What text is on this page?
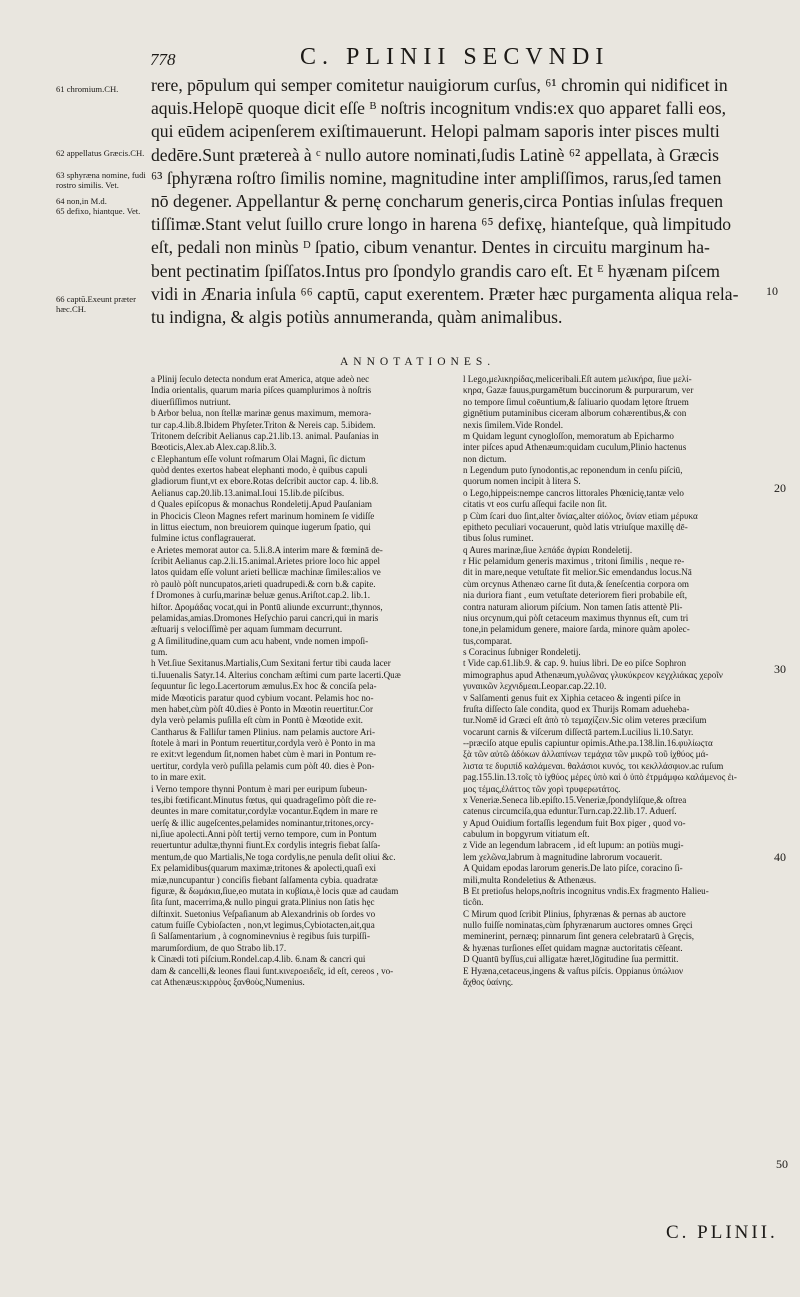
778	C. PLINII SECVNDI
61 chromium.CH.
62 appellatus Græcis.CH.
63 sphyræna nomine, fudi rostro similis. Vet.
64 non,in M.d.
65 defixo, hiantque. Vet.
66 captū.Exeunt præter hæc.CH.
rere, pōpulum qui semper comitetur nauigiorum curſus, ⁶¹ chromin qui nidificet in
aquis.Helopē quoque dicit eſſe ᴮ noſtris incognitum vndis:ex quo apparet falli eos,
qui eūdem acipenſerem exiſtimauerunt. Helopi palmam saporis inter pisces multi
dedēre.Sunt prætereà à ᶜ nullo autore nominati,ſudis Latinè ⁶² appellata, à Græcis
⁶³ ſphyræna roſtro ſimilis nomine, magnitudine inter ampliſſimos, rarus,ſed tamen
nō degener. Appellantur & pernę concharum generis,circa Pontias inſulas frequen
tiſſimæ.Stant velut ſuillo crure longo in harena ⁶⁵ defixę, hianteſque, quà limpitudo
eſt, pedali non minùs ᴰ ſpatio, cibum venantur. Dentes in circuitu marginum ha-
bent pectinatim ſpiſſatos.Intus pro ſpondylo grandis caro eſt. Et ᴱ hyænam piſcem
vidi in Ænaria inſula ⁶⁶ captū, caput exerentem. Præter hæc purgamenta aliqua rela-
tu indigna, & algis potiùs annumeranda, quàm animalibus.
10
20
30
40
50
ANNOTATIONES.
a Plinij ſeculo detecta nondum erat America, atque adeò nec
India orientalis, quarum maria piſces quamplurimos à noſtris
diuerſiſſimos nutriunt.
b Arbor belua, non ſtellæ marinæ genus maximum, memora-
tur cap.4.lib.8.Ibidem Phyſeter.Triton & Nereis cap. 5.ibidem.
Tritonem deſcribit Aelianus cap.21.lib.13. animal. Pauſanias in
Bœoticis,Alex.ab Alex.cap.8.lib.3.
c Elephantum eſſe volunt roſmarum Olai Magni, ſic dictum
quòd dentes exertos habeat elephanti modo, è quibus capuli
gladiorum fiunt,vt ex ebore.Rotas deſcribit auctor cap. 4. lib.8.
Aelianus cap.20.lib.13.animal.Ioui 15.lib.de piſcibus.
d Quales epiſcopus & monachus Rondeletij.Apud Pauſaniam
in Phocicis Cleon Magnes refert marinum hominem ſe vidiſſe
in littus eiectum, non breuiorem quinque iugerum ſpatio, qui
fulmine ictus conflagrauerat.
e Arietes memorat autor ca. 5.li.8.A interim mare & fœminā de-
ſcribit Aelianus cap.2.li.15.animal.Arietes priore loco hic appel
latos quidam eſſe volunt arieti bellicæ machinæ ſimiles:alios ve
rò paulò pòſt nuncupatos,arieti quadrupedi.& corn b.& capite.
f Dromones à curſu,marinæ beluæ genus.Ariſtot.cap.2. lib.1.
hiſtor. Δρομάδας vocat,qui in Pontū aliunde excurrunt:,thynnos,
pelamidas,amias.Dromones Heſychio parui cancri,qui in maris
æſtuarij s velociſſimè per aquam ſummam decurrunt.
g A ſimilitudine,quam cum acu habent, vnde nomen impoſi-
tum.
h Vet.ſiue Sexitanus.Martialis,Cum Sexitani fertur tibi cauda lacer
ti.Iuuenalis Satyr.14. Alterius concham æſtimi cum parte lacerti.Quæ
ſequuntur ſic lego.Lacertorum æmulus.Ex hoc & conciſa pela-
mide Mœoticis paratur quod cybium vocant. Pelamis hoc no-
men habet,cùm pòſt 40.dies è Ponto in Mœotin reuertitur.Cor
dyla verò pelamis puſilla eſt cùm in Pontū è Mœotide exit.
Cantharus & Falliſur tamen Plinius. nam pelamis auctore Ari-
ſtotele à mari in Pontum reuertitur,cordyla verò è Ponto in ma
re exit:vt legendum ſit,nomen habet cùm è mari in Pontum re-
uertitur, cordyla verò puſilla pelamis cum pòſt 40. dies è Pon-
to in mare exit.
i Verno tempore thynni Pontum è mari per euripum ſubeun-
tes,ibi fœtificant.Minutus fœtus, qui quadrageſimo pòſt die re-
deuntes in mare comitatur,cordylæ vocantur.Eqdem in mare re
uerſę & illic augeſcentes,pelamides nominantur,tritones,orcy-
ni,ſiue apolecti.Anni pòſt tertij verno tempore, cum in Pontum
reuertuntur adultæ,thynni fiunt.Ex cordylis integris fiebat ſalſa-
mentum,de quo Martialis,Ne toga cordylis,ne penula deſit oliui &c.
Ex pelamidibus(quarum maximæ,tritones & apolecti,quaſi exi
miæ,nuncupantur ) conciſis fiebant ſalſamenta cybia. quadratæ
figuræ, & δωμάκια,ſiue,eo mutata in κυβίαιᴀ,è locis quæ ad caudam
ſita ſunt, macerrima,& nullo pingui grata.Plinius non ſatis hęc
diſtinxit. Suetonius Veſpaſianum ab Alexandrinis ob ſordes vo
catum fuiſſe Cybioſacten , non,vt legimus,Cybiotacten,ait,qua
ſi Salſamentarium , à cognominevnius è regibus ſuis turpiſſi-
marumſordium, de quo Strabo lib.17.
k Cinædi toti piſcium.Rondel.cap.4.lib. 6.nam & cancri qui
dam & cancelli,& leones flaui ſunt.κινεροειδεῖς, id eſt, cereos , vo-
cat Athenæus:κιρρὸυς ξανθοὺς,Numenius.
l Lego,μελικηρίδας,meliceribali.Eſt autem μελικήρα, ſiue μελί-
κηρα, Gazæ fauus,purgamētum buccinorum & purpurarum, ver
no tempore ſimul coēuntium,& ſaliuario quodam lętore ſtruem
gignētium putaminibus ciceram alborum cohærentibus,& con
nexis ſimilem.Vide Rondel.
m Quidam legunt cynogloſſon, memoratum ab Epicharmo
inter piſces apud Athenæum:quidam cuculum,Plinio hactenus
non dictum.
n Legendum puto ſynodontis,ac reponendum in cenſu piſciū,
quorum nomen incipit à litera S.
o Lego,hippeis:nempe cancros littorales Phœnicię,tantæ velo
citatis vt eos curſu aſſequi facile non ſit.
p Cùm ſcari duo ſint,alter ὄνίας,alter αἰόλος, ὄνίαν etiam μέρυκα
epitheto peculiari vocauerunt, quòd latis vtriuſque maxillę dē-
tibus ſolus ruminet.
q Aures marinæ,ſiue λεπάδε ἀγρίαι Rondeletij.
r Hic pelamidum generis maximus , tritoni ſimilis , neque re-
dit in mare,neque vetuſtate fit melior.Sic emendandus locus.Nā
cùm orcynus Athenæo carne ſit duta,& ſeneſcentia corpora om
nia duriora fiant , eum vetuſtate deteriorem fieri probabile eſt,
contra naturam aliorum piſcium. Non tamen ſatis attentè Pli-
nius orcynum,qui pòſt cetaceum maximus thynnus eſt, cum tri
tone,in pelamidum genere, maiore ſarda, minore quàm apolec-
tus,comparat.
s Coracinus ſubniger Rondeletij.
t Vide cap.61.lib.9. & cap. 9. huius libri. De eo piſce Sophron
mimographus apud Athenæum,γυλῶνας γλυκύκρεον κεγχλιάκας χεροῖν
γυναικῶν λεχνιδμεαι.Leopar.cap.22.10.
v Salſamenti genus fuit ex Xiphia cetaceo & ingenti piſce in
fruſta diſſecto ſale condita, quod ex Thurijs Romam adueheba-
tur.Nomē id Græci eſt ἀπὸ τὸ τεμαχίζειν.Sic olim veteres præciſum
vocarunt carnis & viſcerum diſſectā partem.Lucilius li.10.Satyr.
--præciſo atque epulis capiuntur opimis.Athe.pa.138.lin.16.φυλίωςτα
ξὰ τῶν αὐτῶ ἀδόκων ἀλλαπίνων τεμάχια τῶν μικρῶ τοῦ ἰχθύος μά-
λιστα τε δυριπίδ καλάμεναι. θαλάσιοι κυνός, τοι κεκλλάσφιον.ac ruſum
pag.155.lin.13.τοῖς τὸ ἰχθύος μέρες ὑπὸ καὶ ὁ ὑπὸ ἐτρμάμφω καλάμενος ἐι-
μος τέμας,ἐλάττος τῶν χορὶ τρυφερωτάτος.
x Veneriæ.Seneca lib.epiſto.15.Veneriæ,ſpondyliſque,& oſtrea
catenus circumciſa,qua eduntur.Turn.cap.22.lib.17. Aduerſ.
y Apud Ouidium fortaſſis legendum fuit Box piger , quod vo-
cabulum in bopgyrum vitiatum eſt.
z Vide an legendum labracem , id eſt lupum: an potiùs mugi-
lem χελῶνα,labrum à magnitudine labrorum vocauerit.
A Quidam epodas larorum generis.De lato piſce, coracino ſi-
mili,multa Rondeletius & Athenæus.
B Et pretioſus helops,noſtris incognitus vndis.Ex fragmento Halieu-
ticôn.
C Mirum quod ſcribit Plinius, ſphyrænas & pernas ab auctore
nullo fuiſſe nominatas,cùm ſphyrænarum auctores omnes Gręci
meminerint, pernæq; pinnarum ſint genera celebratarū à Gręcis,
& hyænas turſiones eſſet quidam magnæ auctoritatis cēſeant.
D Quantū byſſus,cui alligatæ hæret,lōgitudine ſua permittit.
E Hyæna,cetaceus,ingens & vaſtus piſcis. Oppianus ὑπώλιον
ἄχθος ὑαίνης.
C. PLINII.
